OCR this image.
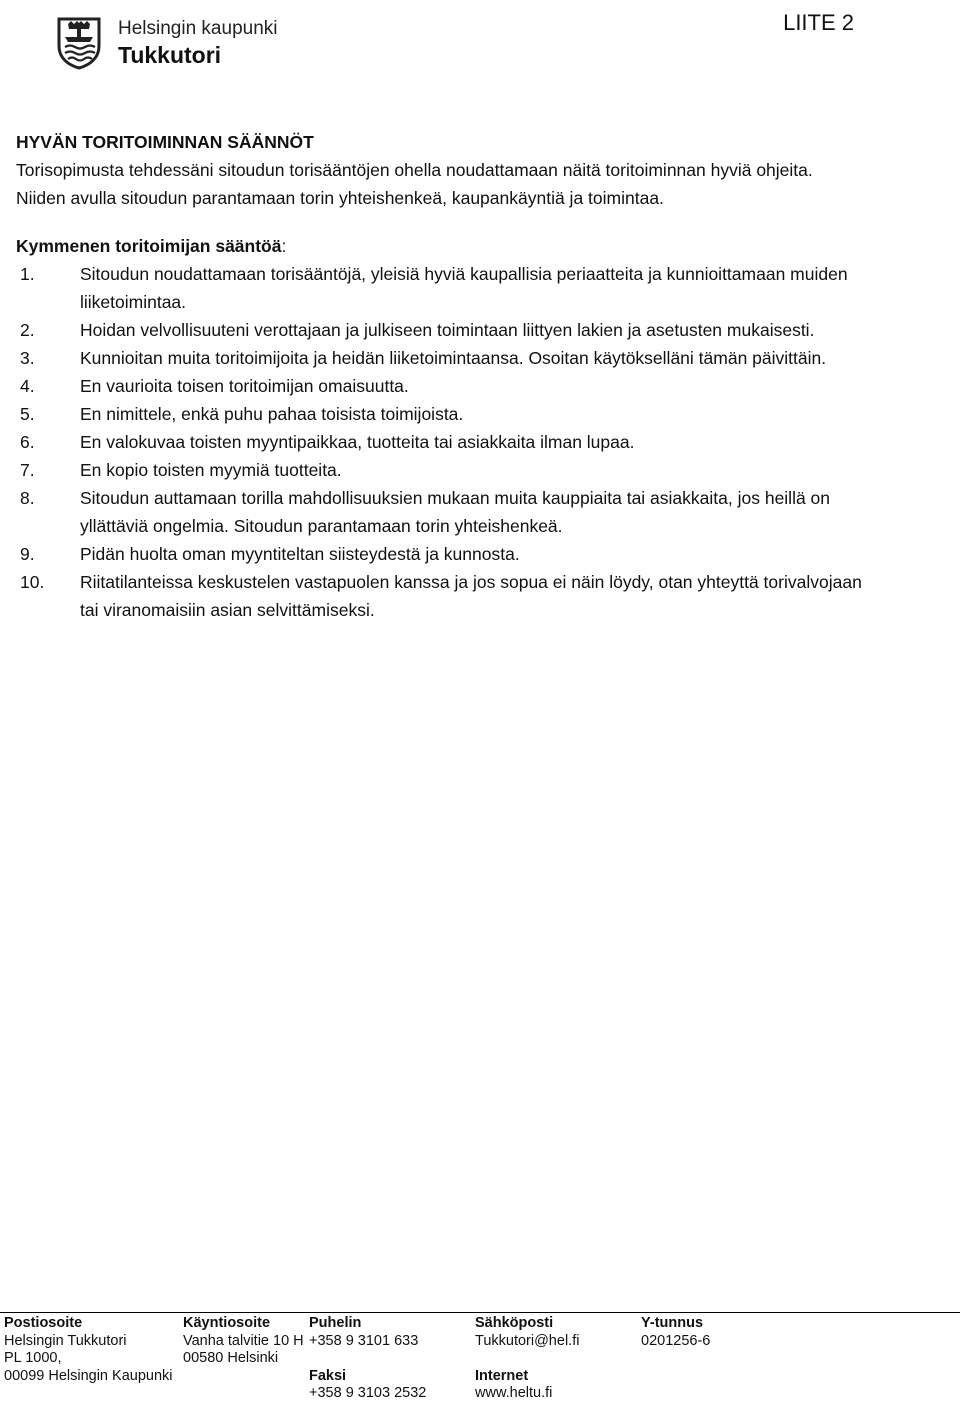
Helsingin kaupunki
Tukkutori
LIITE 2
HYVÄN TORITOIMINNAN SÄÄNNÖT

Torisopimusta tehdessäni sitoudun torisääntöjen ohella noudattamaan näitä toritoiminnan hyviä ohjeita.

Niiden avulla sitoudun parantamaan torin yhteishenkeä, kaupankäyntiä ja toimintaa.

Kymmenen toritoimijan sääntöä:
1.	Sitoudun noudattamaan torisääntöjä, yleisiä hyviä kaupallisia periaatteita ja kunnioittamaan muiden liiketoimintaa.
2.	Hoidan velvollisuuteni verottajaan ja julkiseen toimintaan liittyen lakien ja asetusten mukaisesti.
3.	Kunnioitan muita toritoimijoita ja heidän liiketoimintaansa. Osoitan käytökselläni tämän päivittäin.
4.	En vaurioita toisen toritoimijan omaisuutta.
5.	En nimittele, enkä puhu pahaa toisista toimijoista.
6.	En valokuvaa toisten myyntipaikkaa, tuotteita tai asiakkaita ilman lupaa.
7.	En kopio toisten myymiä tuotteita.
8.	Sitoudun auttamaan torilla mahdollisuuksien mukaan muita kauppiaita tai asiakkaita, jos heillä on yllättäviä ongelmia. Sitoudun parantamaan torin yhteishenkeä.
9.	Pidän huolta oman myyntiteltan siisteydestä ja kunnosta.
10.	Riitatilanteissa keskustelen vastapuolen kanssa ja jos sopua ei näin löydy, otan yhteyttä torivalvojaan tai viranomaisiin asian selvittämiseksi.
Postiosoite
Helsingin Tukkutori
PL 1000,
00099 Helsingin Kaupunki
Käyntiosoite
Vanha talvitie 10 H
00580 Helsinki
Puhelin
+358 9 3101 633
Faksi
+358 9 3103 2532
Sähköposti
Tukkutori@hel.fi
Internet
www.heltu.fi
Y-tunnus
0201256-6
